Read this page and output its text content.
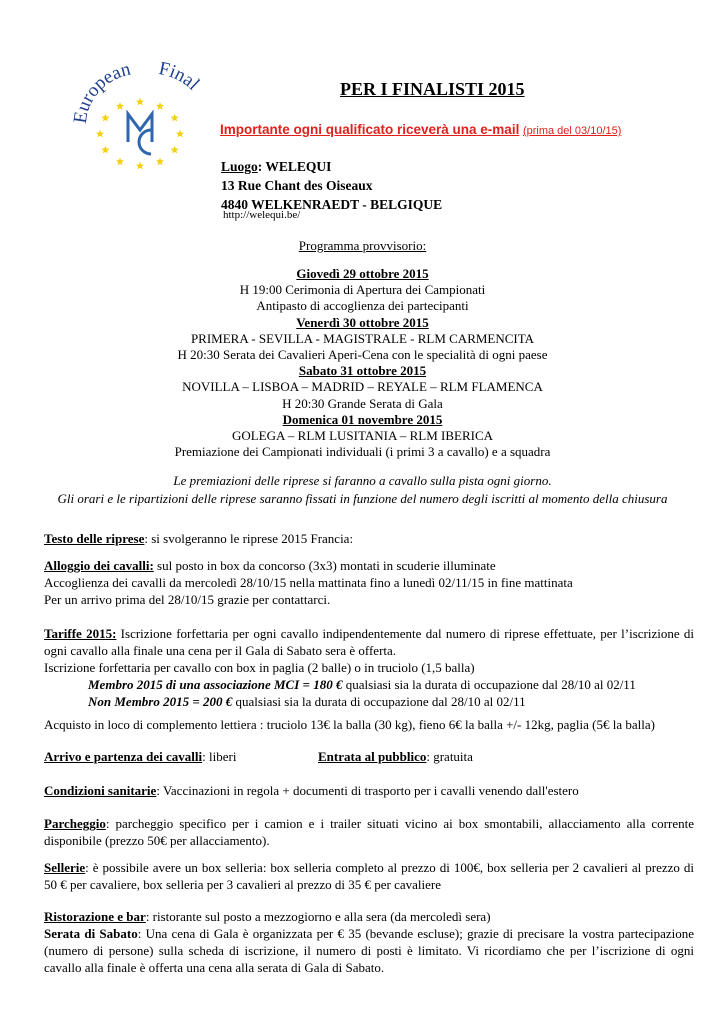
European Final	PER I FINALISTI 2015
Importante ogni qualificato riceverà una e-mail (prima del 03/10/15)
Luogo: WELEQUI
13 Rue Chant des Oiseaux
4840 WELKENRAEDT - BELGIQUE
http://welequi.be/
Programma provvisorio:
Giovedì 29 ottobre 2015
H 19:00 Cerimonia di Apertura dei Campionati
Antipasto di accoglienza dei partecipanti
Venerdì 30 ottobre 2015
PRIMERA - SEVILLA - MAGISTRALE - RLM CARMENCITA
H 20:30 Serata dei Cavalieri Aperi-Cena con le specialità di ogni paese
Sabato 31 ottobre 2015
NOVILLA – LISBOA – MADRID – REYALE – RLM FLAMENCA
H 20:30 Grande Serata di Gala
Domenica 01 novembre 2015
GOLEGA – RLM LUSITANIA – RLM IBERICA
Premiazione dei Campionati individuali (i primi 3 a cavallo) e a squadra
Le premiazioni delle riprese si faranno a cavallo sulla pista ogni giorno.
Gli orari e le ripartizioni delle riprese saranno fissati in funzione del numero degli iscritti al momento della chiusura
Testo delle riprese: si svolgeranno le riprese 2015 Francia:
Alloggio dei cavalli: sul posto in box da concorso (3x3) montati in scuderie illuminate
Accoglienza dei cavalli da mercoledì 28/10/15 nella mattinata fino a lunedì 02/11/15 in fine mattinata
Per un arrivo prima del 28/10/15 grazie per contattarci.
Tariffe 2015: Iscrizione forfettaria per ogni cavallo indipendentemente dal numero di riprese effettuate, per l’iscrizione di ogni cavallo alla finale una cena per il Gala di Sabato sera è offerta.
Iscrizione forfettaria per cavallo con box in paglia (2 balle) o in truciolo (1,5 balla)
Membro 2015 di una associazione MCI = 180 € qualsiasi sia la durata di occupazione dal 28/10 al 02/11
Non Membro 2015 = 200 € qualsiasi sia la durata di occupazione dal 28/10 al 02/11
Acquisto in loco di complemento lettiera : truciolo 13€ la balla (30 kg), fieno 6€ la balla +/- 12kg, paglia (5€ la balla)
Arrivo e partenza dei cavalli: liberi	Entrata al pubblico: gratuita
Condizioni sanitarie: Vaccinazioni in regola + documenti di trasporto per i cavalli venendo dall'estero
Parcheggio: parcheggio specifico per i camion e i trailer situati vicino ai box smontabili, allacciamento alla corrente disponibile (prezzo 50€ per allacciamento).
Sellerie: è possibile avere un box selleria: box selleria completo al prezzo di 100€, box selleria per 2 cavalieri al prezzo di 50 € per cavaliere, box selleria per 3 cavalieri al prezzo di 35 € per cavaliere
Ristorazione e bar: ristorante sul posto a mezzogiorno e alla sera (da mercoledì sera)
Serata di Sabato: Una cena di Gala è organizzata per € 35 (bevande escluse); grazie di precisare la vostra partecipazione (numero di persone) sulla scheda di iscrizione, il numero di posti è limitato. Vi ricordiamo che per l’iscrizione di ogni cavallo alla finale è offerta una cena alla serata di Gala di Sabato.
